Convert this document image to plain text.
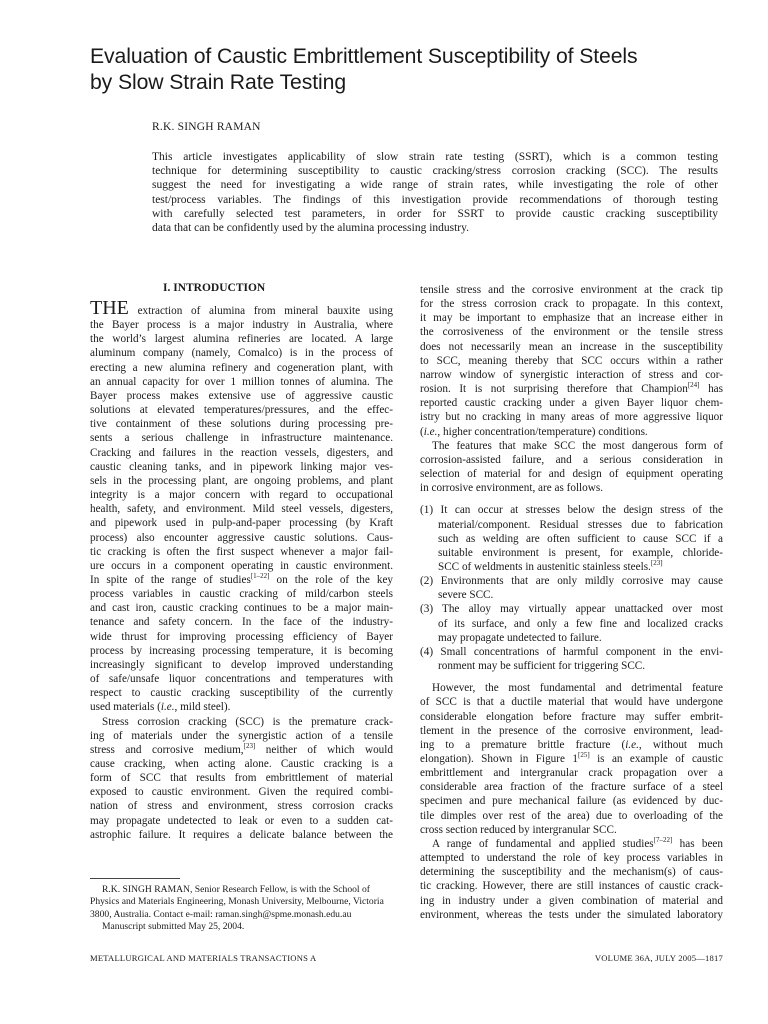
Evaluation of Caustic Embrittlement Susceptibility of Steels
by Slow Strain Rate Testing

R.K. SINGH RAMAN

This article investigates applicability of slow strain rate testing (SSRT), which is a common testing
technique for determining susceptibility to caustic cracking/stress corrosion cracking (SCC). The results
suggest the need for investigating a wide range of strain rates, while investigating the role of other
test/process variables. The findings of this investigation provide recommendations of thorough testing
with carefully selected test parameters, in order for SSRT to provide caustic cracking susceptibility
data that can be confidently used by the alumina processing industry.

I. INTRODUCTION
THE extraction of alumina from mineral bauxite using
the Bayer process is a major industry in Australia, where
the world’s largest alumina refineries are located. A large
aluminum company (namely, Comalco) is in the process of
erecting a new alumina refinery and cogeneration plant, with
an annual capacity for over 1 million tonnes of alumina. The
Bayer process makes extensive use of aggressive caustic
solutions at elevated temperatures/pressures, and the effec-
tive containment of these solutions during processing pre-
sents a serious challenge in infrastructure maintenance.
Cracking and failures in the reaction vessels, digesters, and
caustic cleaning tanks, and in pipework linking major ves-
sels in the processing plant, are ongoing problems, and plant
integrity is a major concern with regard to occupational
health, safety, and environment. Mild steel vessels, digesters,
and pipework used in pulp-and-paper processing (by Kraft
process) also encounter aggressive caustic solutions. Caus-
tic cracking is often the first suspect whenever a major fail-
ure occurs in a component operating in caustic environment.
In spite of the range of studies[1–22] on the role of the key
process variables in caustic cracking of mild/carbon steels
and cast iron, caustic cracking continues to be a major main-
tenance and safety concern. In the face of the industry-
wide thrust for improving processing efficiency of Bayer
process by increasing processing temperature, it is becoming
increasingly significant to develop improved understanding
of safe/unsafe liquor concentrations and temperatures with
respect to caustic cracking susceptibility of the currently
used materials (i.e., mild steel).
Stress corrosion cracking (SCC) is the premature crack-
ing of materials under the synergistic action of a tensile
stress and corrosive medium,[23] neither of which would
cause cracking, when acting alone. Caustic cracking is a
form of SCC that results from embrittlement of material
exposed to caustic environment. Given the required combi-
nation of stress and environment, stress corrosion cracks
may propagate undetected to leak or even to a sudden cat-
astrophic failure. It requires a delicate balance between the
R.K. SINGH RAMAN, Senior Research Fellow, is with the School of
Physics and Materials Engineering, Monash University, Melbourne, Victoria
3800, Australia. Contact e-mail: raman.singh@spme.monash.edu.au
Manuscript submitted May 25, 2004.
tensile stress and the corrosive environment at the crack tip
for the stress corrosion crack to propagate. In this context,
it may be important to emphasize that an increase either in
the corrosiveness of the environment or the tensile stress
does not necessarily mean an increase in the susceptibility
to SCC, meaning thereby that SCC occurs within a rather
narrow window of synergistic interaction of stress and cor-
rosion. It is not surprising therefore that Champion[24] has
reported caustic cracking under a given Bayer liquor chem-
istry but no cracking in many areas of more aggressive liquor
(i.e., higher concentration/temperature) conditions.
The features that make SCC the most dangerous form of
corrosion-assisted failure, and a serious consideration in
selection of material for and design of equipment operating
in corrosive environment, are as follows.
(1) It can occur at stresses below the design stress of the
material/component. Residual stresses due to fabrication
such as welding are often sufficient to cause SCC if a
suitable environment is present, for example, chloride-
SCC of weldments in austenitic stainless steels.[23]
(2) Environments that are only mildly corrosive may cause
severe SCC.
(3) The alloy may virtually appear unattacked over most
of its surface, and only a few fine and localized cracks
may propagate undetected to failure.
(4) Small concentrations of harmful component in the envi-
ronment may be sufficient for triggering SCC.
However, the most fundamental and detrimental feature
of SCC is that a ductile material that would have undergone
considerable elongation before fracture may suffer embrit-
tlement in the presence of the corrosive environment, lead-
ing to a premature brittle fracture (i.e., without much
elongation). Shown in Figure 1[25] is an example of caustic
embrittlement and intergranular crack propagation over a
considerable area fraction of the fracture surface of a steel
specimen and pure mechanical failure (as evidenced by duc-
tile dimples over rest of the area) due to overloading of the
cross section reduced by intergranular SCC.
A range of fundamental and applied studies[7–22] has been
attempted to understand the role of key process variables in
determining the susceptibility and the mechanism(s) of caus-
tic cracking. However, there are still instances of caustic crack-
ing in industry under a given combination of material and
environment, whereas the tests under the simulated laboratory
METALLURGICAL AND MATERIALS TRANSACTIONS A	VOLUME 36A, JULY 2005—1817
